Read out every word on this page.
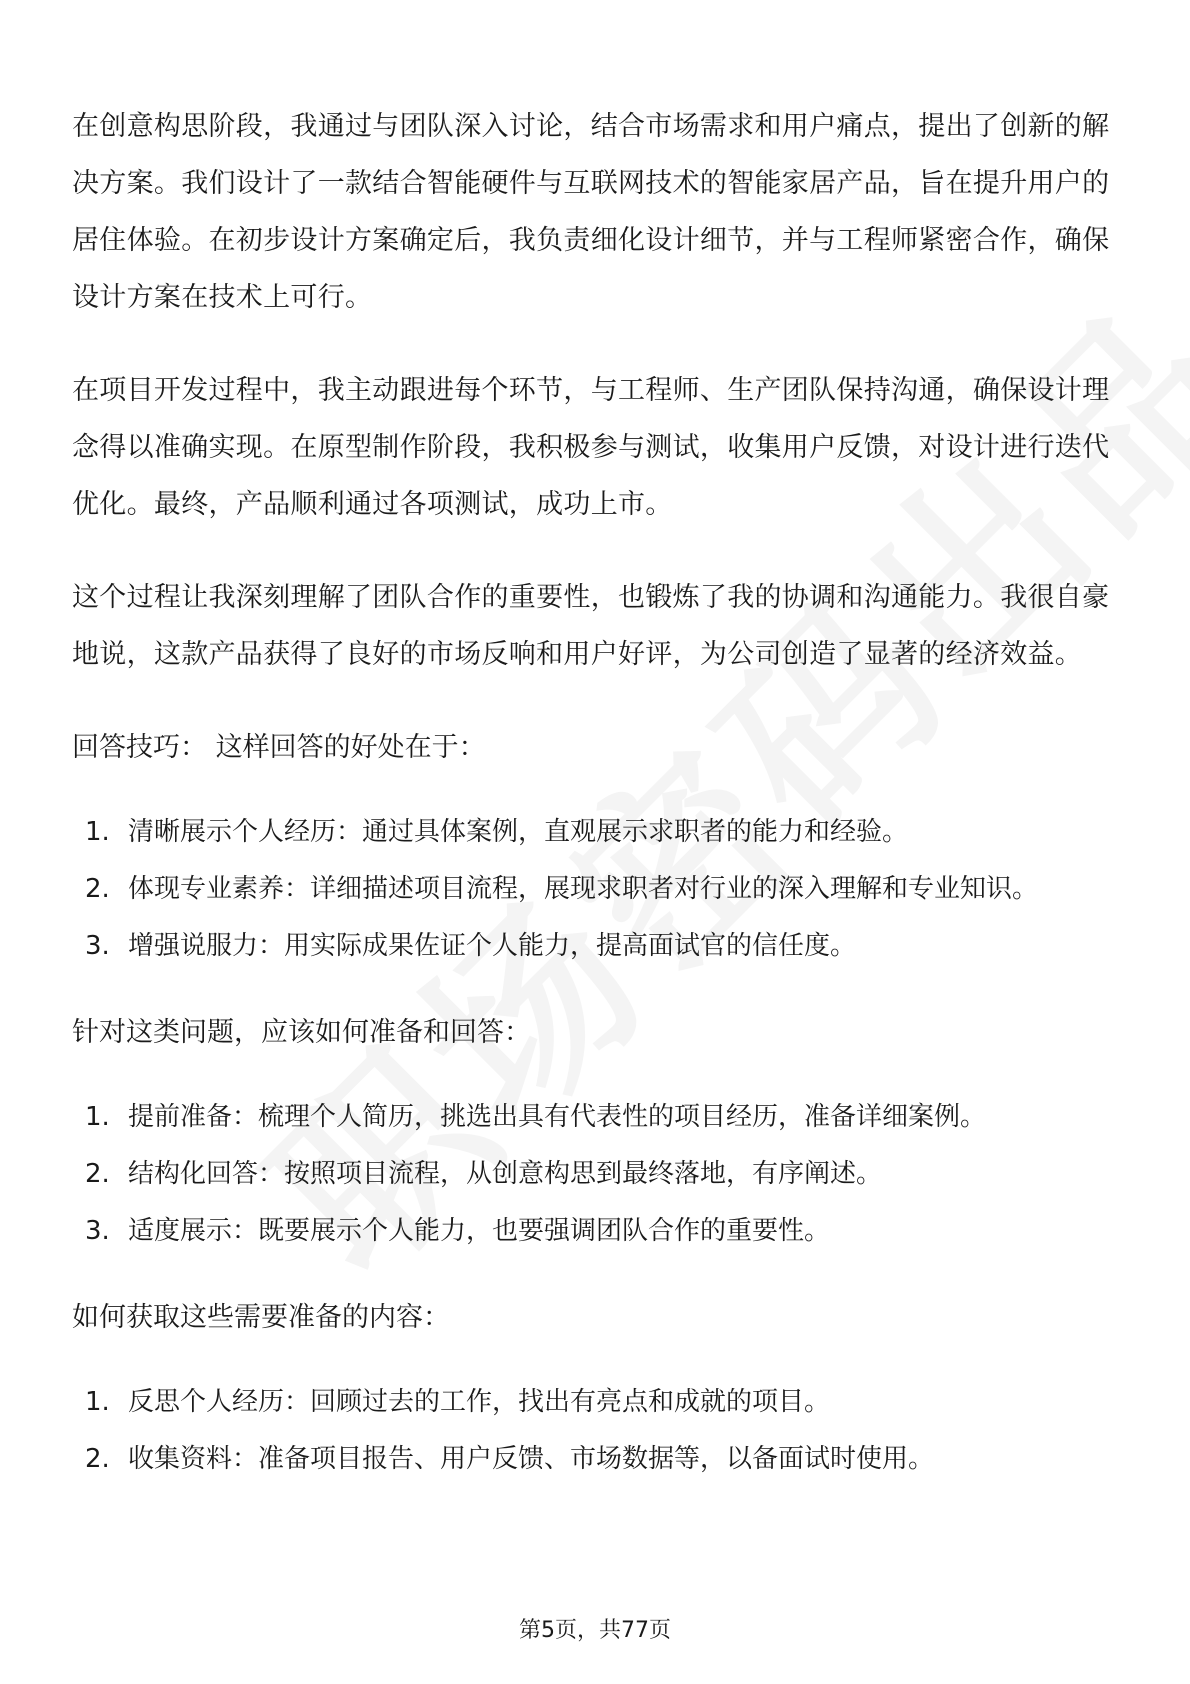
在创意构思阶段，我通过与团队深入讨论，结合市场需求和用户痛点，提出了创新的解决方案。我们设计了一款结合智能硬件与互联网技术的智能家居产品，旨在提升用户的居住体验。在初步设计方案确定后，我负责细化设计细节，并与工程师紧密合作，确保设计方案在技术上可行。

在项目开发过程中，我主动跟进每个环节，与工程师、生产团队保持沟通，确保设计理念得以准确实现。在原型制作阶段，我积极参与测试，收集用户反馈，对设计进行迭代优化。最终，产品顺利通过各项测试，成功上市。

这个过程让我深刻理解了团队合作的重要性，也锻炼了我的协调和沟通能力。我很自豪地说，这款产品获得了良好的市场反响和用户好评，为公司创造了显著的经济效益。

回答技巧： 这样回答的好处在于：
1. 清晰展示个人经历：通过具体案例，直观展示求职者的能力和经验。
2. 体现专业素养：详细描述项目流程，展现求职者对行业的深入理解和专业知识。
3. 增强说服力：用实际成果佐证个人能力，提高面试官的信任度。
针对这类问题，应该如何准备和回答：
1. 提前准备：梳理个人简历，挑选出具有代表性的项目经历，准备详细案例。
2. 结构化回答：按照项目流程，从创意构思到最终落地，有序阐述。
3. 适度展示：既要展示个人能力，也要强调团队合作的重要性。
如何获取这些需要准备的内容：
1. 反思个人经历：回顾过去的工作，找出有亮点和成就的项目。
2. 收集资料：准备项目报告、用户反馈、市场数据等，以备面试时使用。
第5页，共77页
